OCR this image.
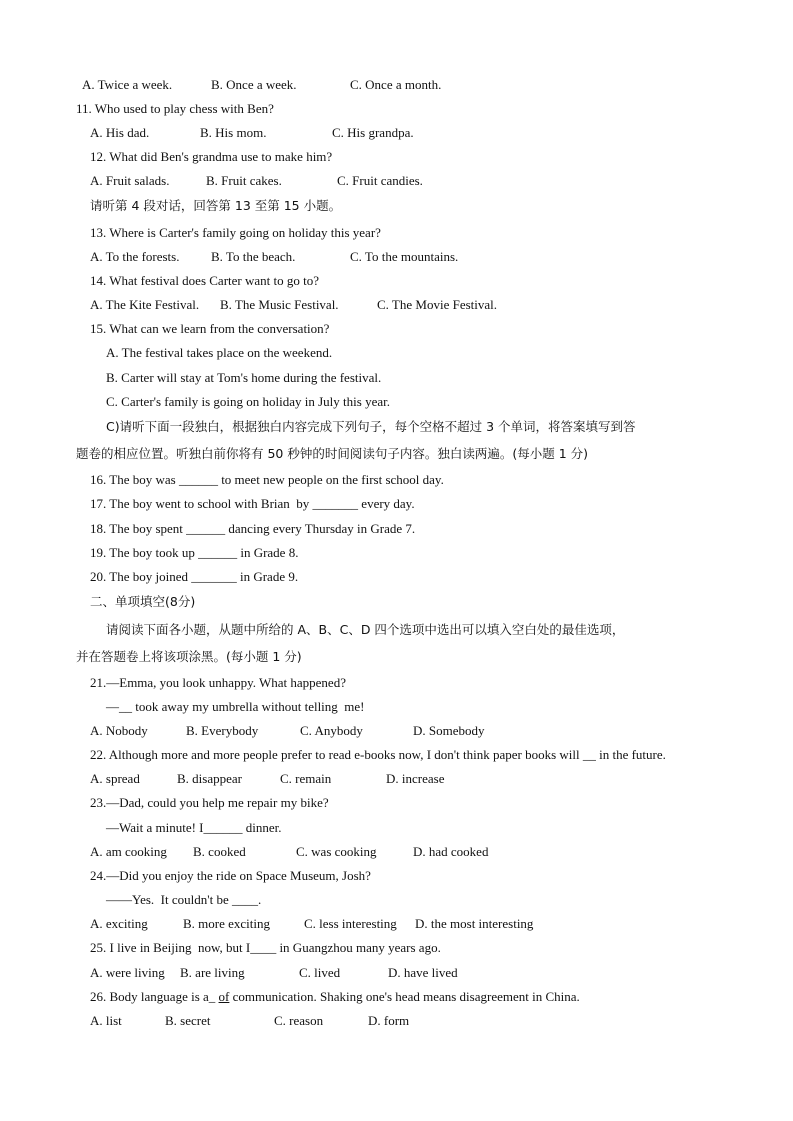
A. Twice a week.

	B. Once a week.

	C. Once a month.

11. Who used to play chess with Ben?

A. His dad.

	B. His mom.

	C. His grandpa.

12. What did Ben's grandma use to make him?

A. Fruit salads.

	B. Fruit cakes.

	C. Fruit candies.

请听第 4 段对话，回答第 13 至第 15 小题。
13. Where is Carter's family going on holiday this year?

A. To the forests.

B. To the beach.

	C. To the mountains.

14. What festival does Carter want to go to?

A. The Kite Festival.

B. The Music Festival.

	C. The Movie Festival.

15. What can we learn from the conversation?
A. The festival takes place on the weekend.
B. Carter will stay at Tom's home during the festival.
C. Carter's family is going on holiday in July this year.
C)请听下面一段独白，根据独白内容完成下列句子，每个空格不超过 3 个单词，将答案填写到答
题卷的相应位置。听独白前你将有 50 秒钟的时间阅读句子内容。独白读两遍。(每小题 1 分)
16. The boy was ______ to meet new people on the first school day.
17. The boy went to school with Brian  by _______ every day.
18. The boy spent ______ dancing every Thursday in Grade 7.
19. The boy took up ______ in Grade 8.
20. The boy joined _______ in Grade 9.
二、单项填空(8分)
请阅读下面各小题，从题中所给的 A、B、C、D 四个选项中选出可以填入空白处的最佳选项，
并在答题卷上将该项涂黑。(每小题 1 分)
21.—Emma, you look unhappy. What happened?
—__ took away my umbrella without telling  me!

A. Nobody

	B. Everybody

	C. Anybody

	D. Somebody

22. Although more and more people prefer to read e-books now, I don't think paper books will __ in the future.

A. spread

	B. disappear

	C. remain

	D. increase

23.—Dad, could you help me repair my bike?
—Wait a minute! I______ dinner.

A. am cooking

B. cooked

	C. was cooking

	D. had cooked

24.—Did you enjoy the ride on Space Museum, Josh?
——Yes.  It couldn't be ____.

A. exciting

	B. more exciting

	C. less interesting

D. the most interesting

25. I live in Beijing  now, but I____ in Guangzhou many years ago.

A. were living

B. are living

	C. lived

	D. have lived

26. Body language is a_ of communication. Shaking one's head means disagreement in China.

A. list

	B. secret

	C. reason

	D. form
